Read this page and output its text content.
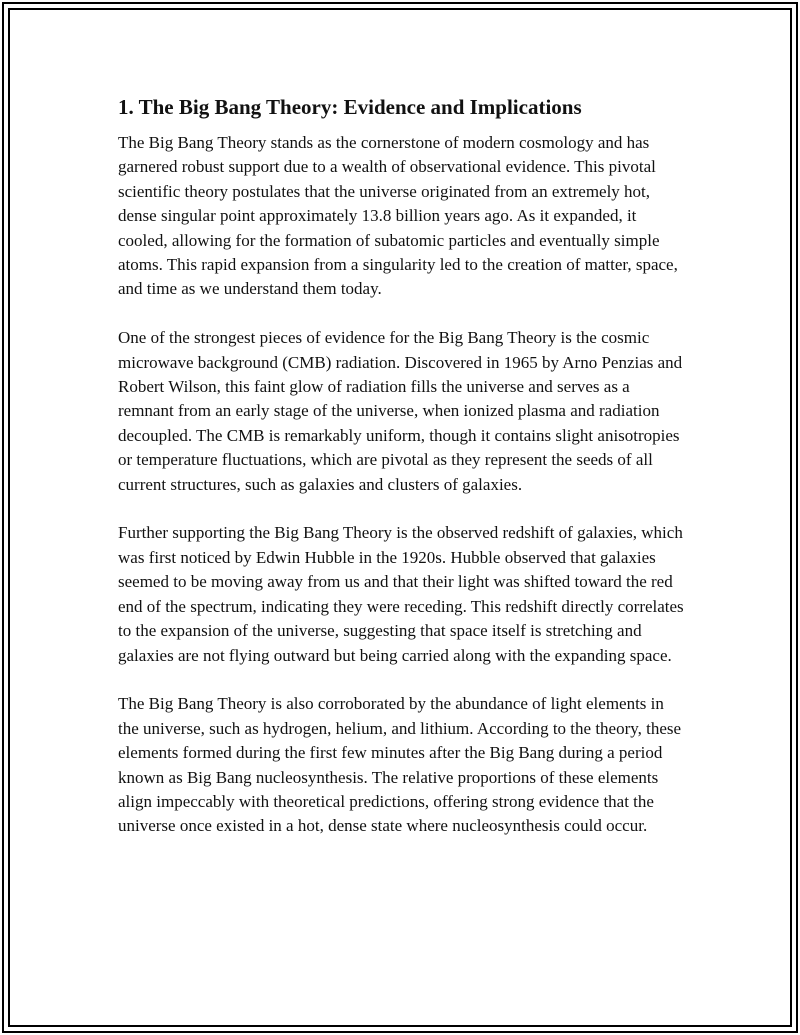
1. The Big Bang Theory: Evidence and Implications

The Big Bang Theory stands as the cornerstone of modern cosmology and has garnered robust support due to a wealth of observational evidence. This pivotal scientific theory postulates that the universe originated from an extremely hot, dense singular point approximately 13.8 billion years ago. As it expanded, it cooled, allowing for the formation of subatomic particles and eventually simple atoms. This rapid expansion from a singularity led to the creation of matter, space, and time as we understand them today.

One of the strongest pieces of evidence for the Big Bang Theory is the cosmic microwave background (CMB) radiation. Discovered in 1965 by Arno Penzias and Robert Wilson, this faint glow of radiation fills the universe and serves as a remnant from an early stage of the universe, when ionized plasma and radiation decoupled. The CMB is remarkably uniform, though it contains slight anisotropies or temperature fluctuations, which are pivotal as they represent the seeds of all current structures, such as galaxies and clusters of galaxies.

Further supporting the Big Bang Theory is the observed redshift of galaxies, which was first noticed by Edwin Hubble in the 1920s. Hubble observed that galaxies seemed to be moving away from us and that their light was shifted toward the red end of the spectrum, indicating they were receding. This redshift directly correlates to the expansion of the universe, suggesting that space itself is stretching and galaxies are not flying outward but being carried along with the expanding space.

The Big Bang Theory is also corroborated by the abundance of light elements in the universe, such as hydrogen, helium, and lithium. According to the theory, these elements formed during the first few minutes after the Big Bang during a period known as Big Bang nucleosynthesis. The relative proportions of these elements align impeccably with theoretical predictions, offering strong evidence that the universe once existed in a hot, dense state where nucleosynthesis could occur.
